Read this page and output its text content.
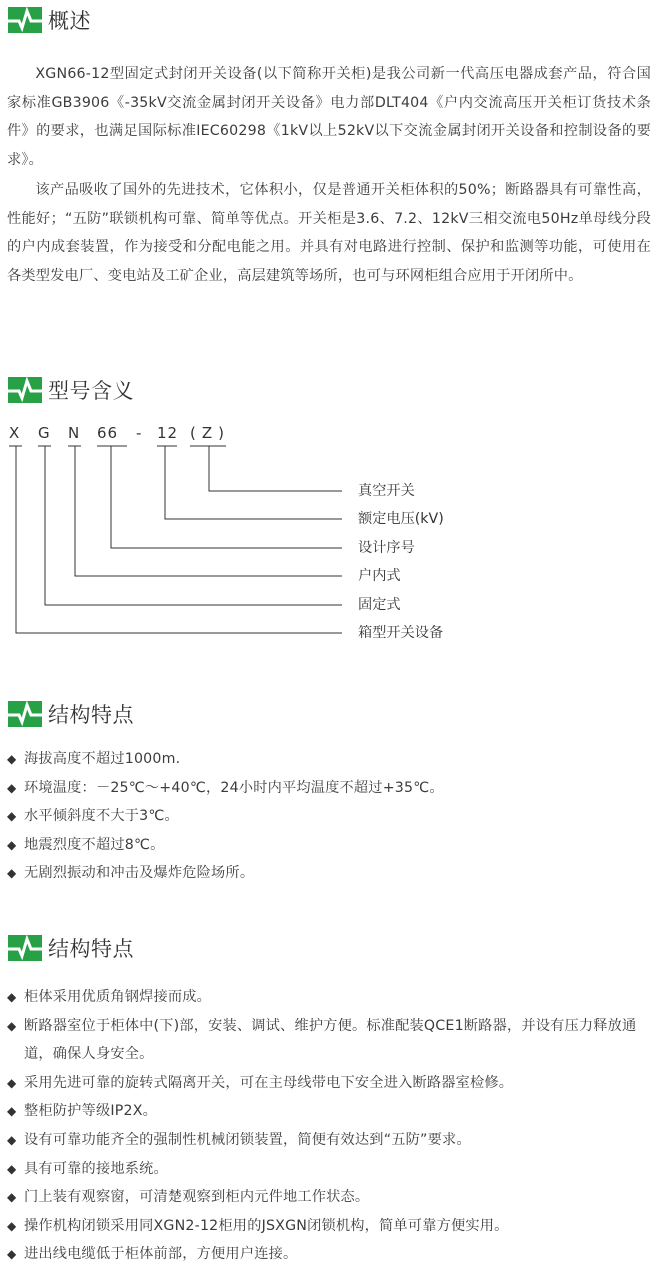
概述

XGN66-12型固定式封闭开关设备(以下简称开关柜)是我公司新一代高压电器成套产品，符合国家标准GB3906《-35kV交流金属封闭开关设备》电力部DLT404《户内交流高压开关柜订货技术条件》的要求，也满足国际标准IEC60298《1kV以上52kV以下交流金属封闭开关设备和控制设备的要求》。

该产品吸收了国外的先进技术，它体积小，仅是普通开关柜体积的50%；断路器具有可靠性高，性能好；“五防”联锁机构可靠、简单等优点。开关柜是3.6、7.2、12kV三相交流电50Hz单母线分段的户内成套装置，作为接受和分配电能之用。并具有对电路进行控制、保护和监测等功能，可使用在各类型发电厂、变电站及工矿企业，高层建筑等场所，也可与环网柜组合应用于开闭所中。

型号含义
X G N 66 - 12 (Z)
真空开关
额定电压(kV)
设计序号
户内式
固定式
箱型开关设备
结构特点
◆ 海拔高度不超过1000m.
◆ 环境温度：－25℃～+40℃，24小时内平均温度不超过+35℃。
◆ 水平倾斜度不大于3℃。
◆ 地震烈度不超过8℃。
◆ 无剧烈振动和冲击及爆炸危险场所。
结构特点
◆ 柜体采用优质角钢焊接而成。
◆ 断路器室位于柜体中(下)部，安装、调试、维护方便。标准配装QCE1断路器，并设有压力释放通道，确保人身安全。
◆ 采用先进可靠的旋转式隔离开关，可在主母线带电下安全进入断路器室检修。
◆ 整柜防护等级IP2X。
◆ 设有可靠功能齐全的强制性机械闭锁装置，简便有效达到“五防”要求。
◆ 具有可靠的接地系统。
◆ 门上装有观察窗，可清楚观察到柜内元件地工作状态。
◆ 操作机构闭锁采用同XGN2-12柜用的JSXGN闭锁机构，简单可靠方便实用。
◆ 进出线电缆低于柜体前部，方便用户连接。
